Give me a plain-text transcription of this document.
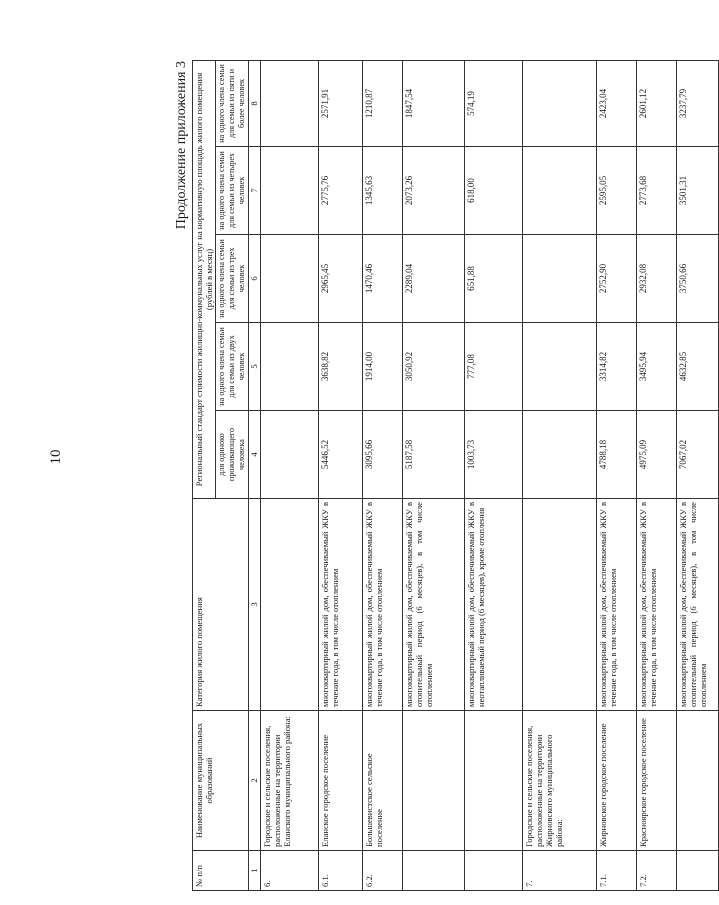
10
Продолжение приложения 3
№ п/п	Наименование муниципальных образований	Категория жилого помещения	Региональный стандарт стоимости жилищно-коммунальных услуг на нормативную площадь жилого помещения (рублей в месяц)				
			для одиноко проживающего человека	на одного члена семьи для семьи из двух человек	на одного члена семьи для семьи из трех человек	на одного члена семьи для семьи из четырех человек	на одного члена семьи для семьи из пяти и более человек
1	2	3	4	5	6	7	8
6.	Городские и сельские поселения, расположенные на территории Еланского муниципального района:						
6.1.	Еланское городское поселение	многоквартирный жилой дом, обеспечиваемый ЖКУ в течение года, в том числе отоплением	5446,52	3638,82	2965,45	2775,76	2571,91
6.2.	Большевистское сельское поселение	многоквартирный жилой дом, обеспечиваемый ЖКУ в течение года, в том числе отоплением	3095,66	1914,00	1470,46	1345,63	1210,87
		многоквартирный жилой дом, обеспечиваемый ЖКУ в отопительный период (6 месяцев), в том числе отоплением	5187,58	3050,92	2289,04	2073,26	1847,54
		многоквартирный жилой дом, обеспечиваемый ЖКУ в неотапливаемый период (6 месяцев), кроме отопления	1003,73	777,08	651,88	618,00	574,19
7.	Городские и сельские поселения, расположенные на территории Жирновского муниципального района:						
7.1.	Жирновское городское поселение	многоквартирный жилой дом, обеспечиваемый ЖКУ в течение года, в том числе отоплением	4788,18	3314,82	2752,90	2595,05	2423,04
7.2.	Красноярское городское поселение	многоквартирный жилой дом, обеспечиваемый ЖКУ в течение года, в том числе отоплением	4975,09	3495,94	2932,08	2773,68	2601,12
		многоквартирный жилой дом, обеспечиваемый ЖКУ в отопительный период (6 месяцев), в том числе отоплением	7067,02	4632,85	3750,66	3501,31	3237,79
